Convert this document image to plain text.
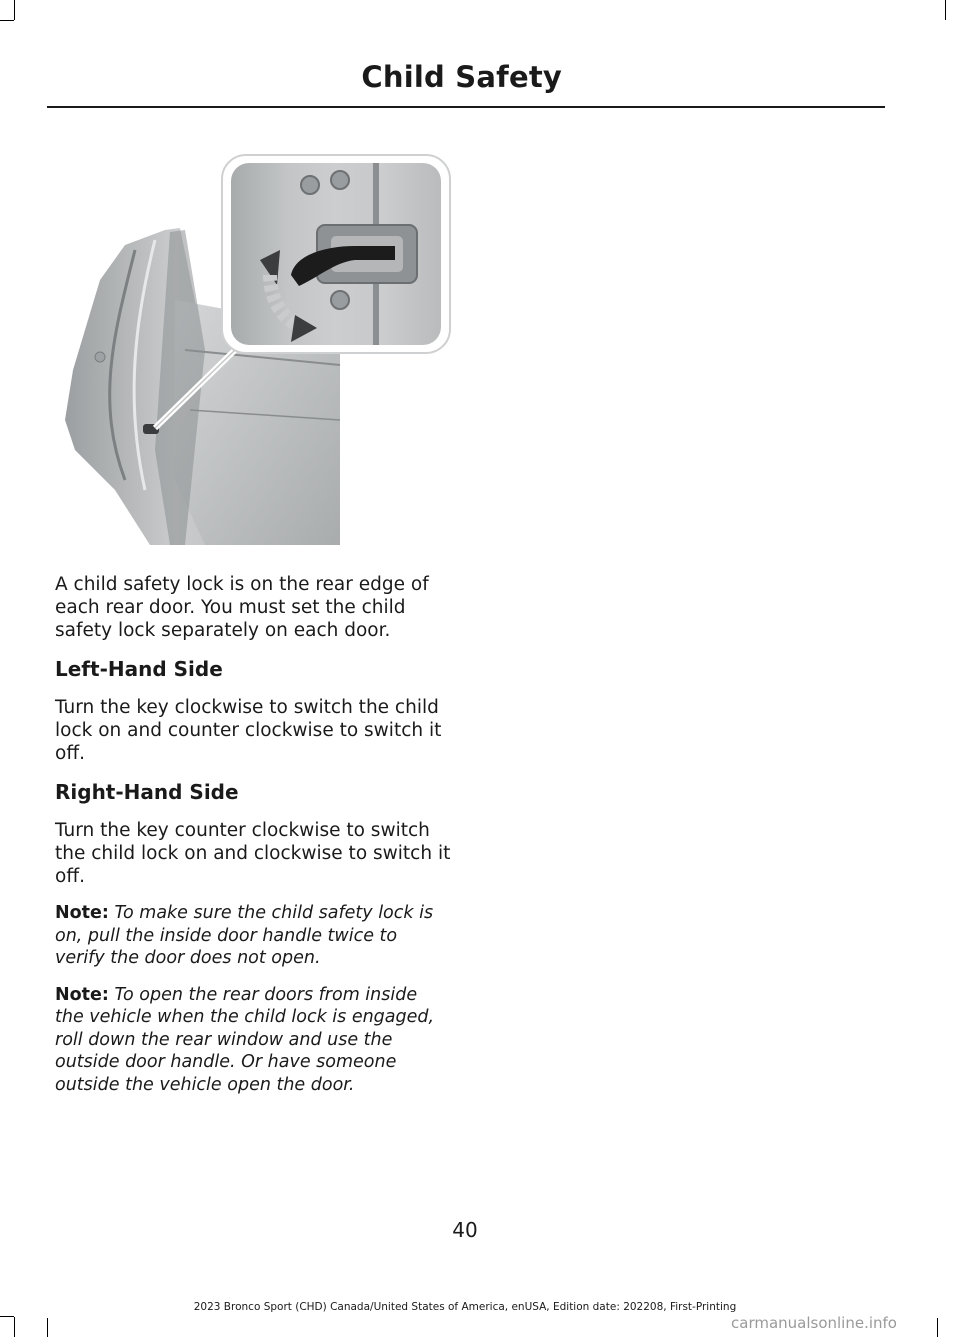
Child Safety

A child safety lock is on the rear edge of each rear door. You must set the child safety lock separately on each door.

Left-Hand Side

Turn the key clockwise to switch the child lock on and counter clockwise to switch it off.

Right-Hand Side

Turn the key counter clockwise to switch the child lock on and clockwise to switch it off.

Note: To make sure the child safety lock is on, pull the inside door handle twice to verify the door does not open.

Note: To open the rear doors from inside the vehicle when the child lock is engaged, roll down the rear window and use the outside door handle. Or have someone outside the vehicle open the door.

40
2023 Bronco Sport (CHD) Canada/United States of America, enUSA, Edition date: 202208, First-Printing
carmanualsonline.info
